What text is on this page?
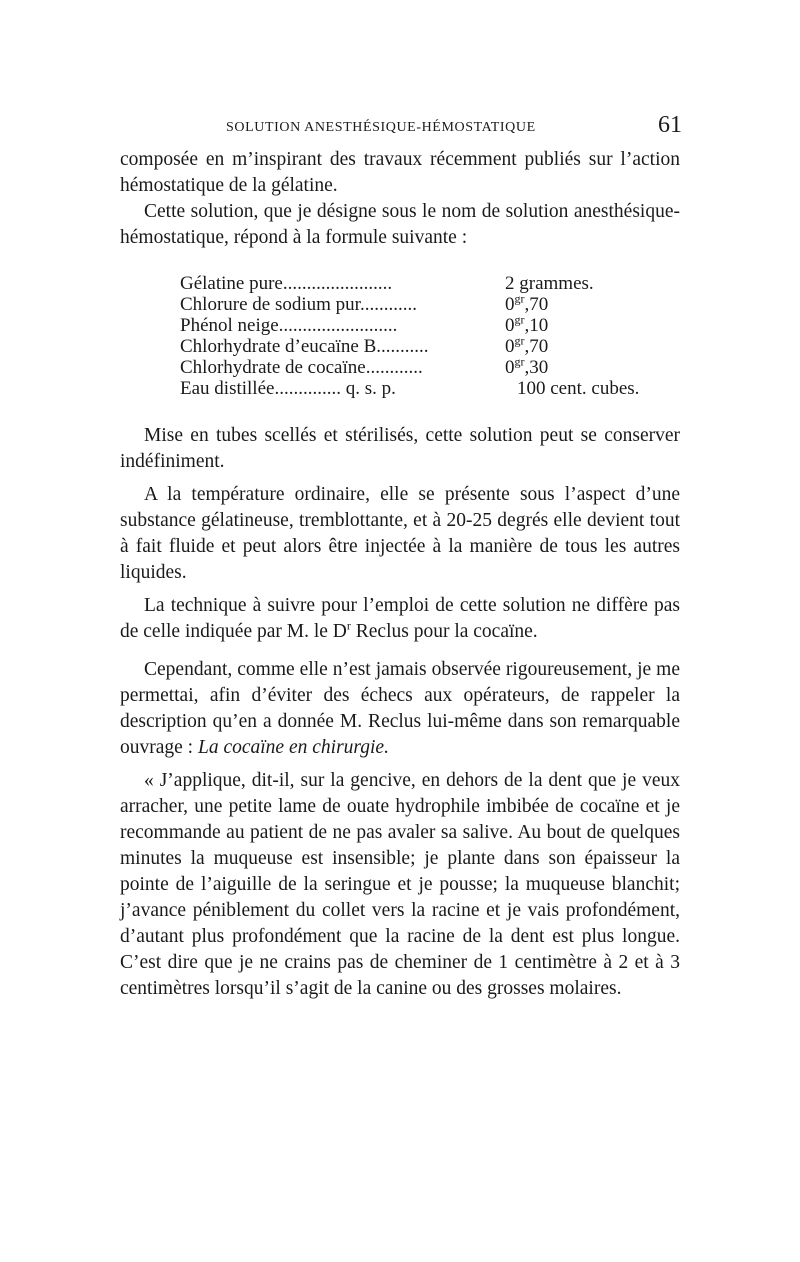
SOLUTION ANESTHÉSIQUE-HÉMOSTATIQUE	61

composée en m’inspirant des travaux récemment publiés sur l’action hémostatique de la gélatine.

Cette solution, que je désigne sous le nom de solution anesthésique-hémostatique, répond à la formule suivante :

Gélatine pure.......................	2 grammes.
Chlorure de sodium pur............	$0^{gr},70$
Phénol neige.........................	$0^{gr},10$
Chlorhydrate d’eucaïne B...........	$0^{gr},70$
Chlorhydrate de cocaïne............	$0^{gr},30$
Eau distillée.............. q. s. p.	100 cent. cubes.

Mise en tubes scellés et stérilisés, cette solution peut se conserver indéfiniment.

A la température ordinaire, elle se présente sous l’aspect d’une substance gélatineuse, tremblottante, et à 20-25 degrés elle devient tout à fait fluide et peut alors être injectée à la manière de tous les autres liquides.

La technique à suivre pour l’emploi de cette solution ne diffère pas de celle indiquée par M. le $D^r$ Reclus pour la cocaïne.

Cependant, comme elle n’est jamais observée rigoureusement, je me permettai, afin d’éviter des échecs aux opérateurs, de rappeler la description qu’en a donnée M. Reclus lui-même dans son remarquable ouvrage : La cocaïne en chirurgie.

« J’applique, dit-il, sur la gencive, en dehors de la dent que je veux arracher, une petite lame de ouate hydrophile imbibée de cocaïne et je recommande au patient de ne pas avaler sa salive. Au bout de quelques minutes la muqueuse est insensible; je plante dans son épaisseur la pointe de l’aiguille de la seringue et je pousse; la muqueuse blanchit; j’avance péniblement du collet vers la racine et je vais profondément, d’autant plus profondément que la racine de la dent est plus longue. C’est dire que je ne crains pas de cheminer de 1 centimètre à 2 et à 3 centimètres lorsqu’il s’agit de la canine ou des grosses molaires.
